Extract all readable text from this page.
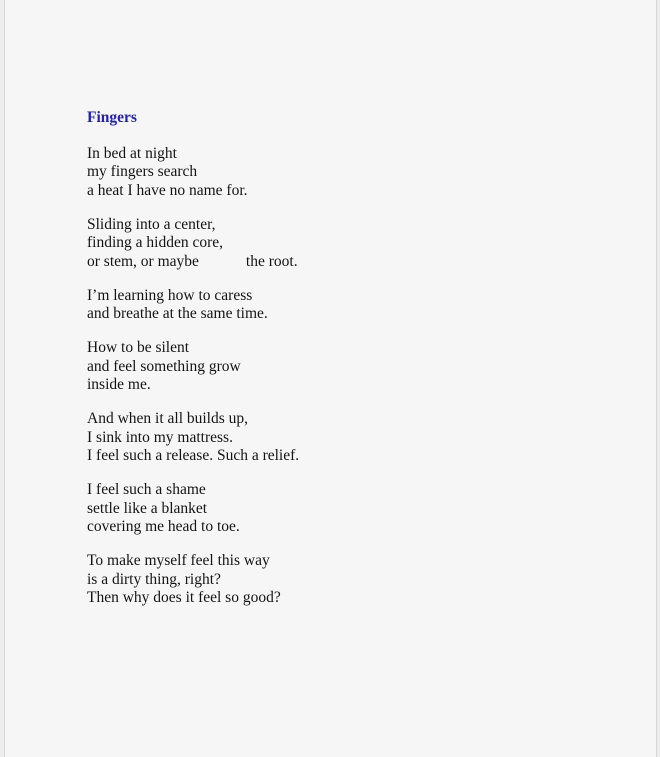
Fingers
In bed at night
my fingers search
a heat I have no name for.
Sliding into a center,
finding a hidden core,
or stem, or maybe	the root.
I’m learning how to caress
and breathe at the same time.
How to be silent
and feel something grow
inside me.
And when it all builds up,
I sink into my mattress.
I feel such a release. Such a relief.
I feel such a shame
settle like a blanket
covering me head to toe.
To make myself feel this way
is a dirty thing, right?
Then why does it feel so good?
